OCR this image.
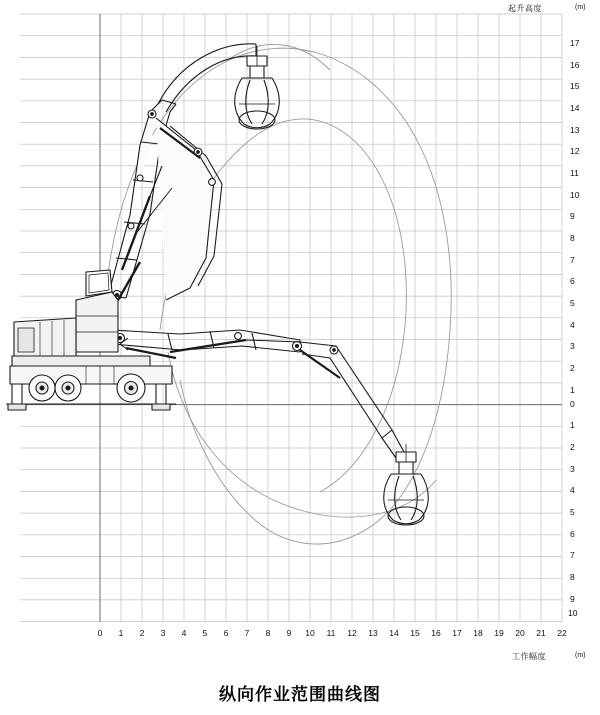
起升高度	(m)
工作幅度	(m)
0	1	2	3	4	5	6	7	8	9	10 11 12 13 14 15 16 17 18 19 20 21 22
17
16
15
14
13
12
11
10
9
8
7
6
5
4
3
2
1
0
1
2
3
4
5
6
7
8
9
10
纵向作业范围曲线图
